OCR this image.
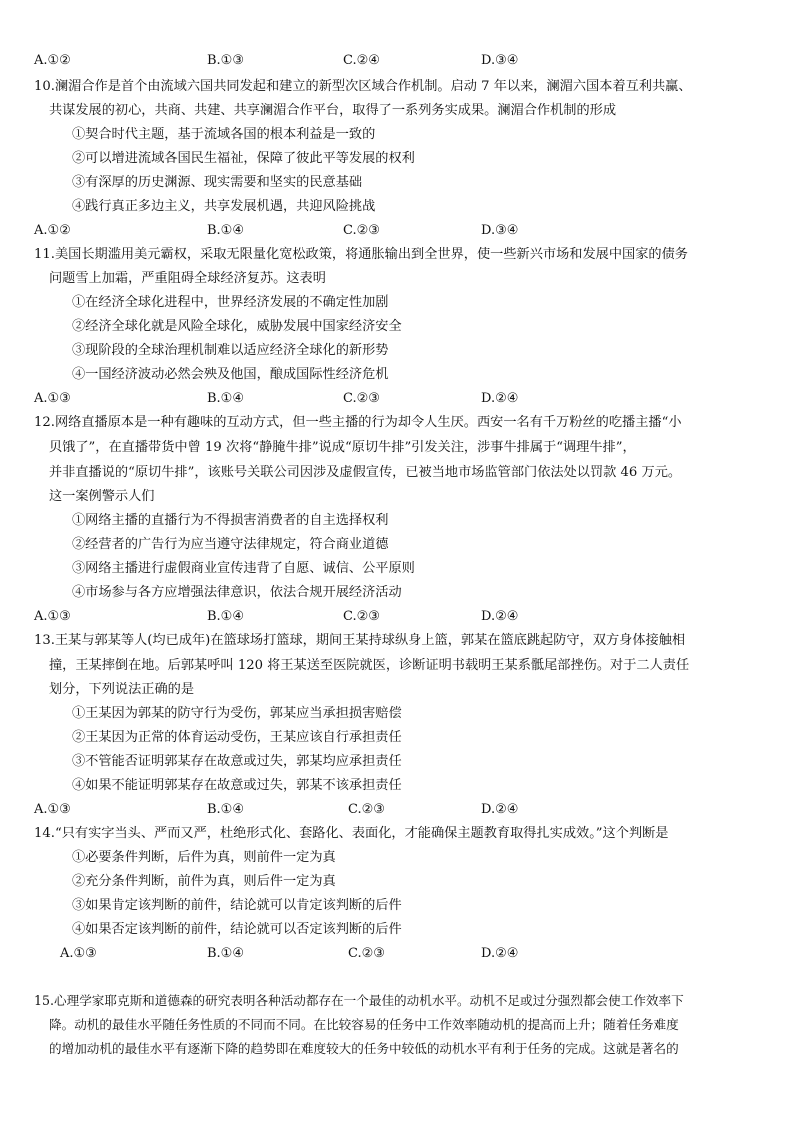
A.①②	B.①③	C.②④	D.③④
10.澜湄合作是首个由流域六国共同发起和建立的新型次区域合作机制。启动 7 年以来，澜湄六国本着互利共赢、
共谋发展的初心，共商、共建、共享澜湄合作平台，取得了一系列务实成果。澜湄合作机制的形成
①契合时代主题，基于流域各国的根本利益是一致的
②可以增进流域各国民生福祉，保障了彼此平等发展的权利
③有深厚的历史渊源、现实需要和坚实的民意基础
④践行真正多边主义，共享发展机遇，共迎风险挑战
A.①②	B.①④	C.②③	D.③④
11.美国长期滥用美元霸权，采取无限量化宽松政策，将通胀输出到全世界，使一些新兴市场和发展中国家的债务
问题雪上加霜，严重阻碍全球经济复苏。这表明
①在经济全球化进程中，世界经济发展的不确定性加剧
②经济全球化就是风险全球化，威胁发展中国家经济安全
③现阶段的全球治理机制难以适应经济全球化的新形势
④一国经济波动必然会殃及他国，酿成国际性经济危机
A.①③	B.①④	C.②③	D.②④
12.网络直播原本是一种有趣味的互动方式，但一些主播的行为却令人生厌。西安一名有千万粉丝的吃播主播“小
贝饿了”，在直播带货中曾 19 次将“静腌牛排”说成“原切牛排”引发关注，涉事牛排属于“调理牛排”，
并非直播说的“原切牛排”，该账号关联公司因涉及虚假宣传，已被当地市场监管部门依法处以罚款 46 万元。
这一案例警示人们
①网络主播的直播行为不得损害消费者的自主选择权利
②经营者的广告行为应当遵守法律规定，符合商业道德
③网络主播进行虚假商业宣传违背了自愿、诚信、公平原则
④市场参与各方应增强法律意识，依法合规开展经济活动
A.①③	B.①④	C.②③	D.②④
13.王某与郭某等人(均已成年)在篮球场打篮球，期间王某持球纵身上篮，郭某在篮底跳起防守，双方身体接触相
撞，王某摔倒在地。后郭某呼叫 120 将王某送至医院就医，诊断证明书载明王某系骶尾部挫伤。对于二人责任
划分，下列说法正确的是
①王某因为郭某的防守行为受伤，郭某应当承担损害赔偿
②王某因为正常的体育运动受伤，王某应该自行承担责任
③不管能否证明郭某存在故意或过失，郭某均应承担责任
④如果不能证明郭某存在故意或过失，郭某不该承担责任
A.①③	B.①④	C.②③	D.②④
14.“只有实字当头、严而又严，杜绝形式化、套路化、表面化，才能确保主题教育取得扎实成效。”这个判断是
①必要条件判断，后件为真，则前件一定为真
②充分条件判断，前件为真，则后件一定为真
③如果肯定该判断的前件，结论就可以肯定该判断的后件
④如果否定该判断的前件，结论就可以否定该判断的后件
A.①③	B.①④	C.②③	D.②④
15.心理学家耶克斯和道德森的研究表明各种活动都存在一个最佳的动机水平。动机不足或过分强烈都会使工作效率下
降。动机的最佳水平随任务性质的不同而不同。在比较容易的任务中工作效率随动机的提高而上升；随着任务难度
的增加动机的最佳水平有逐渐下降的趋势即在难度较大的任务中较低的动机水平有利于任务的完成。这就是著名的
